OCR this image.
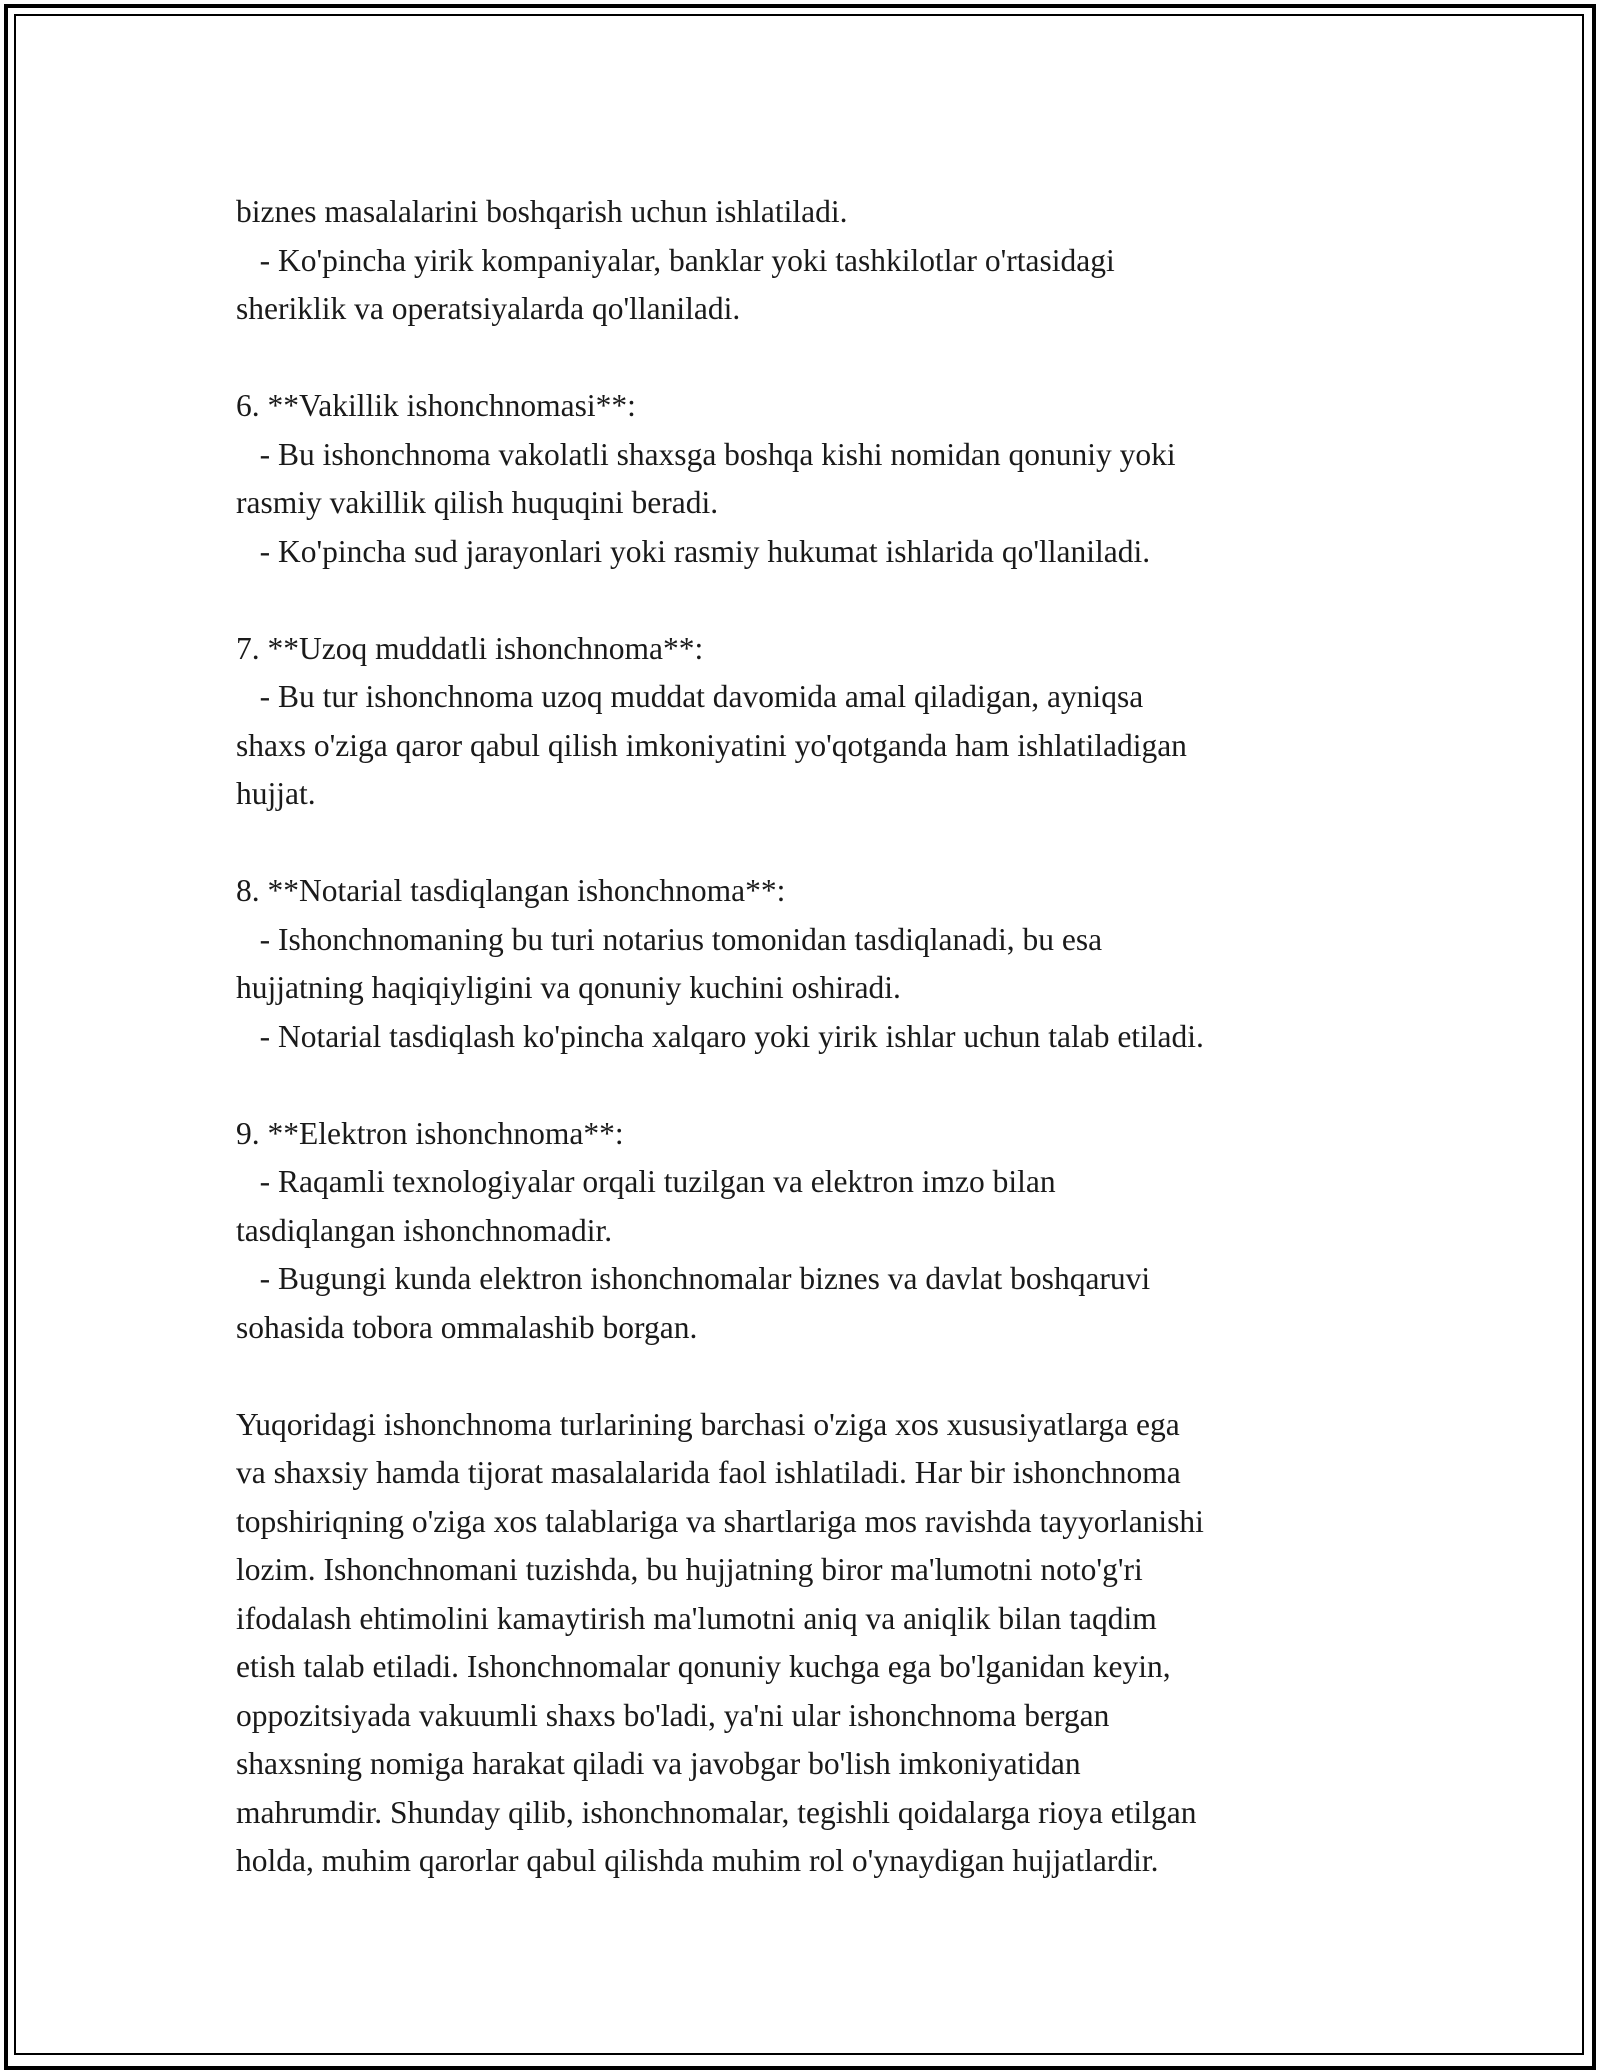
biznes masalalarini boshqarish uchun ishlatiladi.
- Ko'pincha yirik kompaniyalar, banklar yoki tashkilotlar o'rtasidagi
sheriklik va operatsiyalarda qo'llaniladi.
6. **Vakillik ishonchnomasi**:
- Bu ishonchnoma vakolatli shaxsga boshqa kishi nomidan qonuniy yoki
rasmiy vakillik qilish huquqini beradi.
- Ko'pincha sud jarayonlari yoki rasmiy hukumat ishlarida qo'llaniladi.
7. **Uzoq muddatli ishonchnoma**:
- Bu tur ishonchnoma uzoq muddat davomida amal qiladigan, ayniqsa
shaxs o'ziga qaror qabul qilish imkoniyatini yo'qotganda ham ishlatiladigan
hujjat.
8. **Notarial tasdiqlangan ishonchnoma**:
- Ishonchnomaning bu turi notarius tomonidan tasdiqlanadi, bu esa
hujjatning haqiqiyligini va qonuniy kuchini oshiradi.
- Notarial tasdiqlash ko'pincha xalqaro yoki yirik ishlar uchun talab etiladi.
9. **Elektron ishonchnoma**:
- Raqamli texnologiyalar orqali tuzilgan va elektron imzo bilan
tasdiqlangan ishonchnomadir.
- Bugungi kunda elektron ishonchnomalar biznes va davlat boshqaruvi
sohasida tobora ommalashib borgan.
Yuqoridagi ishonchnoma turlarining barchasi o'ziga xos xususiyatlarga ega
va shaxsiy hamda tijorat masalalarida faol ishlatiladi. Har bir ishonchnoma
topshiriqning o'ziga xos talablariga va shartlariga mos ravishda tayyorlanishi
lozim. Ishonchnomani tuzishda, bu hujjatning biror ma'lumotni noto'g'ri
ifodalash ehtimolini kamaytirish ma'lumotni aniq va aniqlik bilan taqdim
etish talab etiladi. Ishonchnomalar qonuniy kuchga ega bo'lganidan keyin,
oppozitsiyada vakuumli shaxs bo'ladi, ya'ni ular ishonchnoma bergan
shaxsning nomiga harakat qiladi va javobgar bo'lish imkoniyatidan
mahrumdir. Shunday qilib, ishonchnomalar, tegishli qoidalarga rioya etilgan
holda, muhim qarorlar qabul qilishda muhim rol o'ynaydigan hujjatlardir.
